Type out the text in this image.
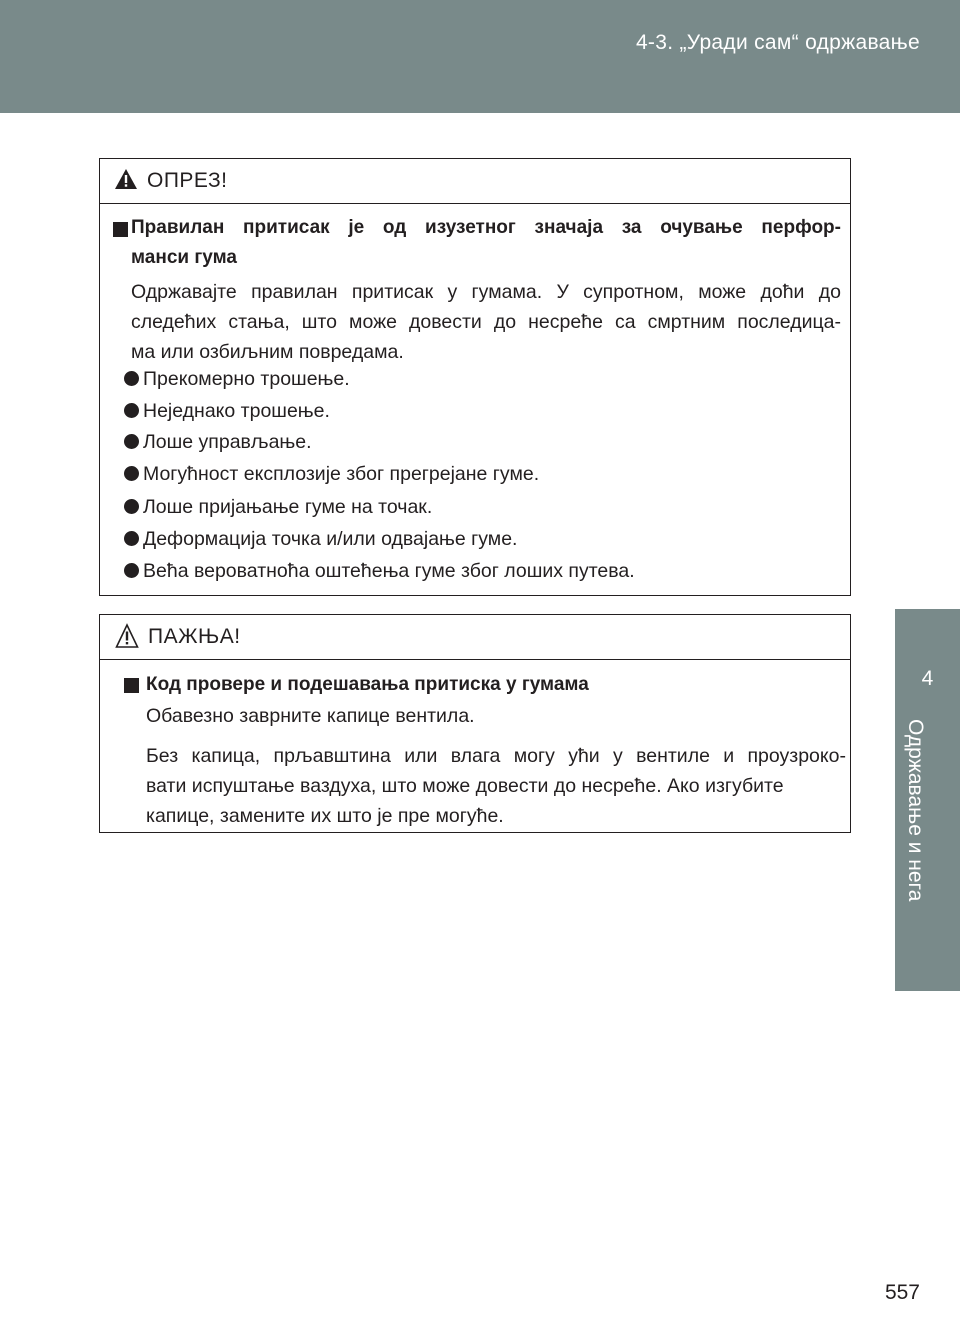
4-3. „Уради сам“ одржавање
4
Одржавање и нега
ОПРЕЗ!
Правилан притисак је од изузетног значаја за очување перфор-
манси гума
Одржавајте правилан притисак у гумама. У супротном, може доћи до
следећих стања, што може довести до несреће са смртним последица-
ма или озбиљним повредама.
Прекомерно трошење.
Неједнако трошење.
Лоше управљање.
Могућност експлозије због прегрејане гуме.
Лоше пријањање гуме на точак.
Деформација точка и/или одвајање гуме.
Већа вероватноћа оштећења гуме због лоших путева.
ПАЖЊА!
Код провере и подешавања притиска у гумама
Обавезно заврните капице вентила.
Без капица, прљавштина или влага могу ући у вентиле и проузроко-
вати испуштање ваздуха, што може довести до несреће. Ако изгубите
капице, замените их што је пре могуће.
557
